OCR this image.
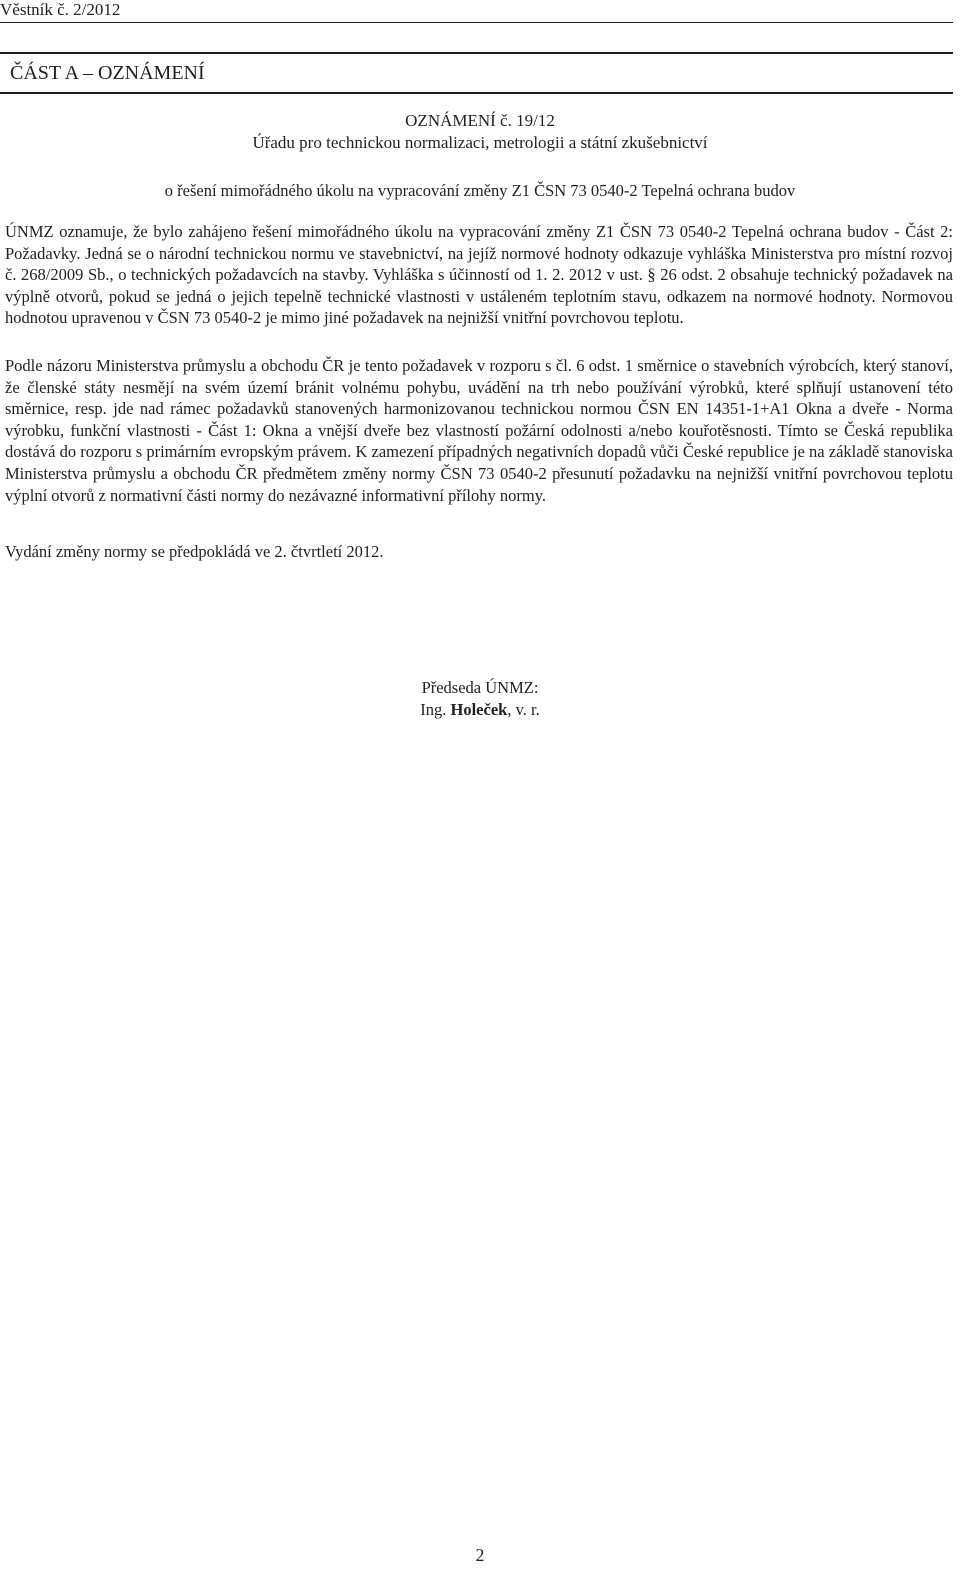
Věstník č. 2/2012
ČÁST A – OZNÁMENÍ

OZNÁMENÍ č. 19/12

Úřadu pro technickou normalizaci, metrologii a státní zkušebnictví

o řešení mimořádného úkolu na vypracování změny Z1 ČSN 73 0540-2 Tepelná ochrana budov

ÚNMZ oznamuje, že bylo zahájeno řešení mimořádného úkolu na vypracování změny Z1 ČSN 73 0540-2 Tepelná ochrana budov - Část 2: Požadavky. Jedná se o národní technickou normu ve stavebnictví, na jejíž normové hodnoty odkazuje vyhláška Ministerstva pro místní rozvoj č. 268/2009 Sb., o technických požadavcích na stavby. Vyhláška s účinností od 1. 2. 2012 v ust. § 26 odst. 2 obsahuje technický požadavek na výplně otvorů, pokud se jedná o jejich tepelně technické vlastnosti v ustáleném teplotním stavu, odkazem na normové hodnoty. Normovou hodnotou upravenou v ČSN 73 0540-2 je mimo jiné požadavek na nejnižší vnitřní povrchovou teplotu.

Podle názoru Ministerstva průmyslu a obchodu ČR je tento požadavek v rozporu s čl. 6 odst. 1 směrnice o stavebních výrobcích, který stanoví, že členské státy nesmějí na svém území bránit volnému pohybu, uvádění na trh nebo používání výrobků, které splňují ustanovení této směrnice, resp. jde nad rámec požadavků stanovených harmonizovanou technickou normou ČSN EN 14351-1+A1 Okna a dveře - Norma výrobku, funkční vlastnosti - Část 1: Okna a vnější dveře bez vlastností požární odolnosti a/nebo kouřotěsnosti. Tímto se Česká republika dostává do rozporu s primárním evropským právem. K zamezení případných negativních dopadů vůči České republice je na základě stanoviska Ministerstva průmyslu a obchodu ČR předmětem změny normy ČSN 73 0540-2 přesunutí požadavku na nejnižší vnitřní povrchovou teplotu výplní otvorů z normativní části normy do nezávazné informativní přílohy normy.

Vydání změny normy se předpokládá ve 2. čtvrtletí 2012.

Předseda ÚNMZ:
Ing. Holeček, v. r.
2
